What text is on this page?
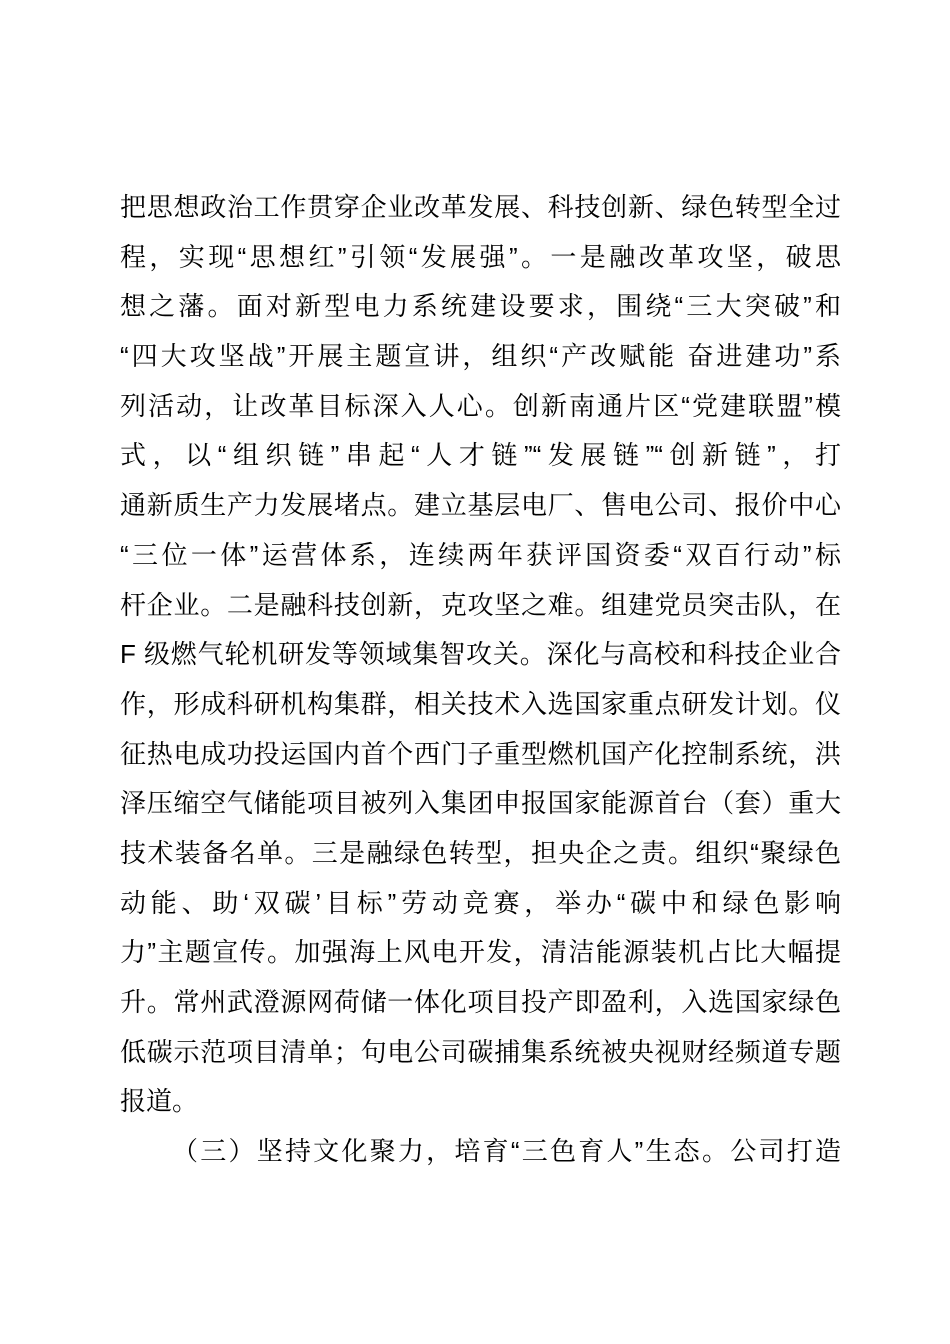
把思想政治工作贯穿企业改革发展、科技创新、绿色转型全过
程，实现“思想红”引领“发展强”。一是融改革攻坚，破思
想之藩。面对新型电力系统建设要求，围绕“三大突破”和
“四大攻坚战”开展主题宣讲，组织“产改赋能 奋进建功”系
列活动，让改革目标深入人心。创新南通片区“党建联盟”模
式，以“组织链”串起“人才链”“发展链”“创新链”，打
通新质生产力发展堵点。建立基层电厂、售电公司、报价中心
“三位一体”运营体系，连续两年获评国资委“双百行动”标
杆企业。二是融科技创新，克攻坚之难。组建党员突击队，在
F 级燃气轮机研发等领域集智攻关。深化与高校和科技企业合
作，形成科研机构集群，相关技术入选国家重点研发计划。仪
征热电成功投运国内首个西门子重型燃机国产化控制系统，洪
泽压缩空气储能项目被列入集团申报国家能源首台（套）重大
技术装备名单。三是融绿色转型，担央企之责。组织“聚绿色
动能、助‘双碳’目标”劳动竞赛，举办“碳中和绿色影响
力”主题宣传。加强海上风电开发，清洁能源装机占比大幅提
升。常州武澄源网荷储一体化项目投产即盈利，入选国家绿色
低碳示范项目清单；句电公司碳捕集系统被央视财经频道专题
报道。
（三）坚持文化聚力，培育“三色育人”生态。公司打造
